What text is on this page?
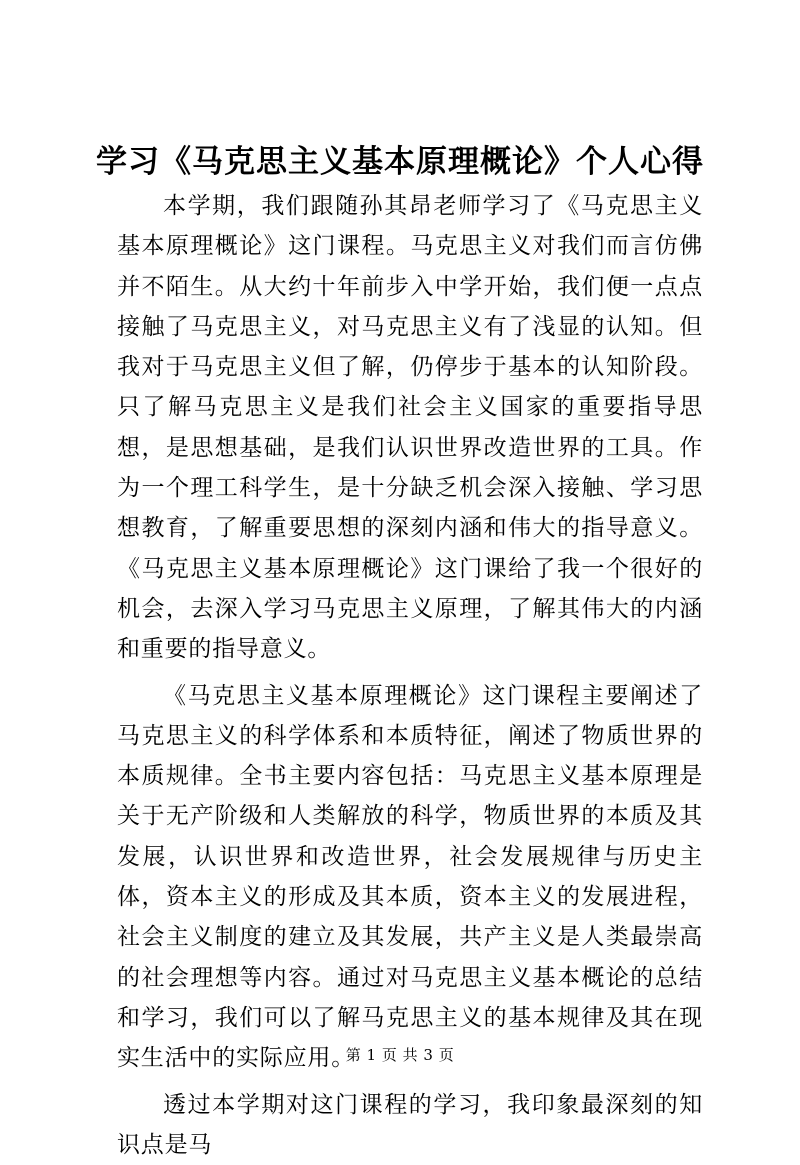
学习《马克思主义基本原理概论》个人心得

本学期，我们跟随孙其昂老师学习了《马克思主义基本原理概论》这门课程。马克思主义对我们而言仿佛并不陌生。从大约十年前步入中学开始，我们便一点点接触了马克思主义，对马克思主义有了浅显的认知。但我对于马克思主义但了解，仍停步于基本的认知阶段。只了解马克思主义是我们社会主义国家的重要指导思想，是思想基础，是我们认识世界改造世界的工具。作为一个理工科学生，是十分缺乏机会深入接触、学习思想教育，了解重要思想的深刻内涵和伟大的指导意义。《马克思主义基本原理概论》这门课给了我一个很好的机会，去深入学习马克思主义原理，了解其伟大的内涵和重要的指导意义。

《马克思主义基本原理概论》这门课程主要阐述了马克思主义的科学体系和本质特征，阐述了物质世界的本质规律。全书主要内容包括：马克思主义基本原理是关于无产阶级和人类解放的科学，物质世界的本质及其发展，认识世界和改造世界，社会发展规律与历史主体，资本主义的形成及其本质，资本主义的发展进程，社会主义制度的建立及其发展，共产主义是人类最崇高的社会理想等内容。通过对马克思主义基本概论的总结和学习，我们可以了解马克思主义的基本规律及其在现实生活中的实际应用。

透过本学期对这门课程的学习，我印象最深刻的知识点是马

第 1 页 共 3 页
